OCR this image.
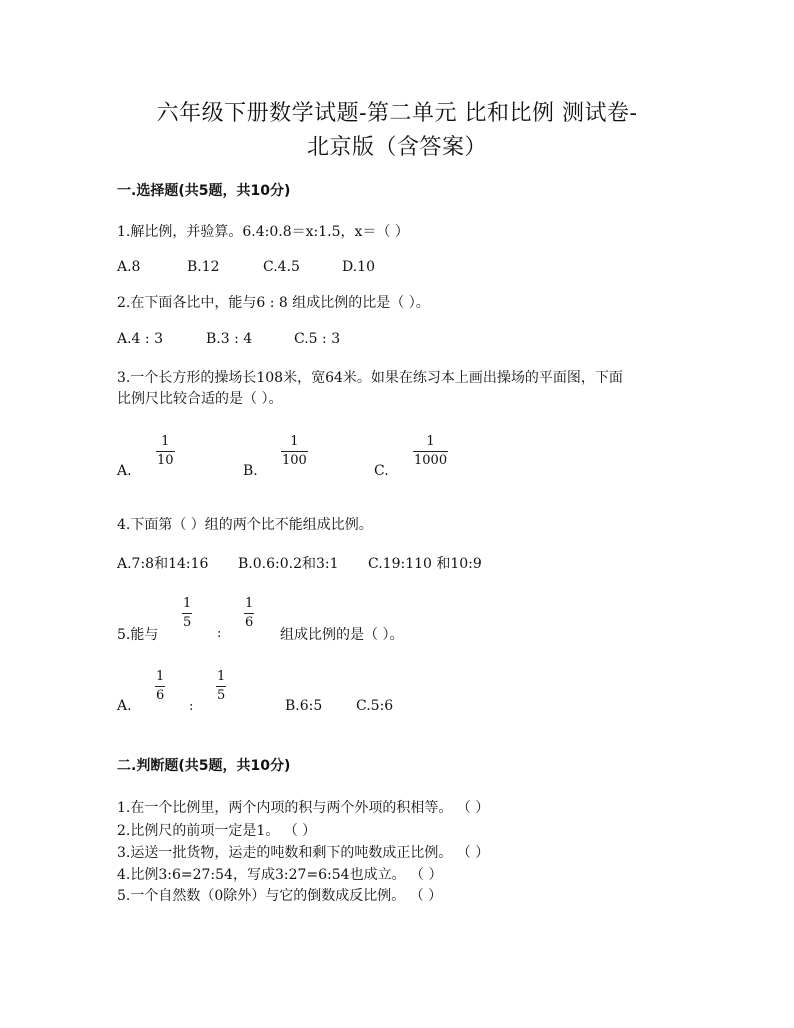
六年级下册数学试题-第二单元 比和比例 测试卷-
北京版（含答案）
一.选择题(共5题，共10分)
1.解比例，并验算。6.4:0.8＝x:1.5，x＝（ ）
A.8	B.12	C.4.5	D.10
2.在下面各比中，能与6 : 8 组成比例的比是（ ）。
A.4 : 3	B.3 : 4	C.5 : 3
3.一个长方形的操场长108米，宽64米。如果在练习本上画出操场的平面图，下面
比例尺比较合适的是（ ）。
A.
1
10
B.
1
100
C.
1
1000
4.下面第（ ）组的两个比不能组成比例。
A.7:8和14:16 B.0.6:0.2和3:1 C.19:110 和10:9
5.能与
1
5
:
1
6
组成比例的是（ ）。
A.
1
6
:
1
5
B.6:5 C.5:6
二.判断题(共5题，共10分)
1.在一个比例里，两个内项的积与两个外项的积相等。 （ ）
2.比例尺的前项一定是1。 （ ）
3.运送一批货物，运走的吨数和剩下的吨数成正比例。 （ ）
4.比例3:6=27:54，写成3:27=6:54也成立。 （ ）
5.一个自然数（0除外）与它的倒数成反比例。 （ ）
